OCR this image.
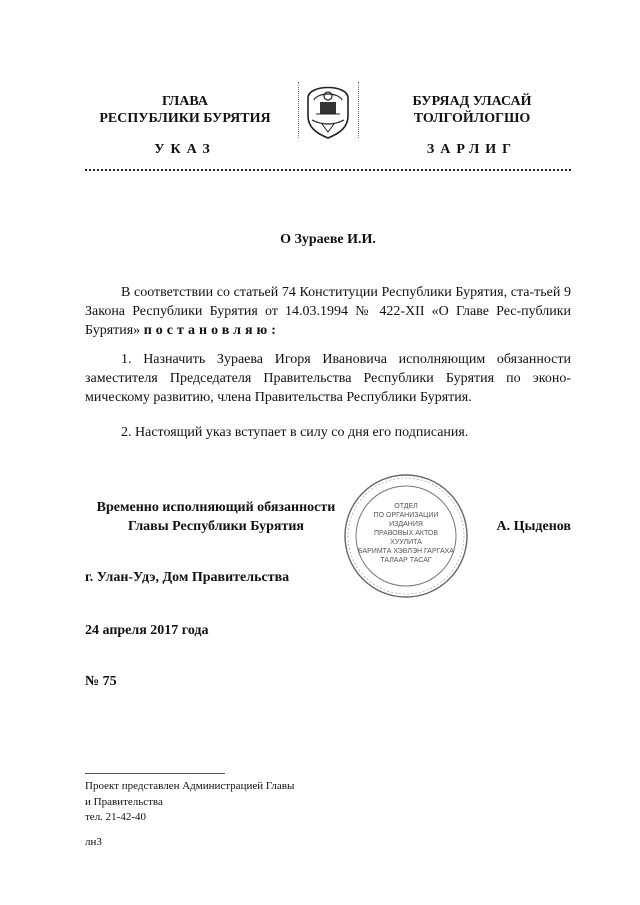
ГЛАВА
РЕСПУБЛИКИ БУРЯТИЯ
УКАЗ
БУРЯАД УЛАСАЙ
ТОЛГОЙЛОГШО
ЗАРЛИГ
О Зураеве И.И.
В соответствии со статьей 74 Конституции Республики Бурятия, ста-тьей 9 Закона Республики Бурятия от 14.03.1994 № 422-XII «О Главе Рес-публики Бурятия» постановляю:
1. Назначить Зураева Игоря Ивановича исполняющим обязанности заместителя Председателя Правительства Республики Бурятия по эконо-мическому развитию, члена Правительства Республики Бурятия.
2. Настоящий указ вступает в силу со дня его подписания.
Временно исполняющий обязанности
Главы Республики Бурятия	А. Цыденов
ОТДЕЛ
ПО ОРГАНИЗАЦИИ
ИЗДАНИЯ
ПРАВОВЫХ АКТОВ
ХУУЛИТА
БАРИМТА ХЭВЛЭН ГАРГАХА
ТАЛААР ТАСАГ
г. Улан-Удэ, Дом Правительства
24 апреля 2017 года
№ 75
Проект представлен Администрацией Главы
и Правительства
тел. 21-42-40
лн3
